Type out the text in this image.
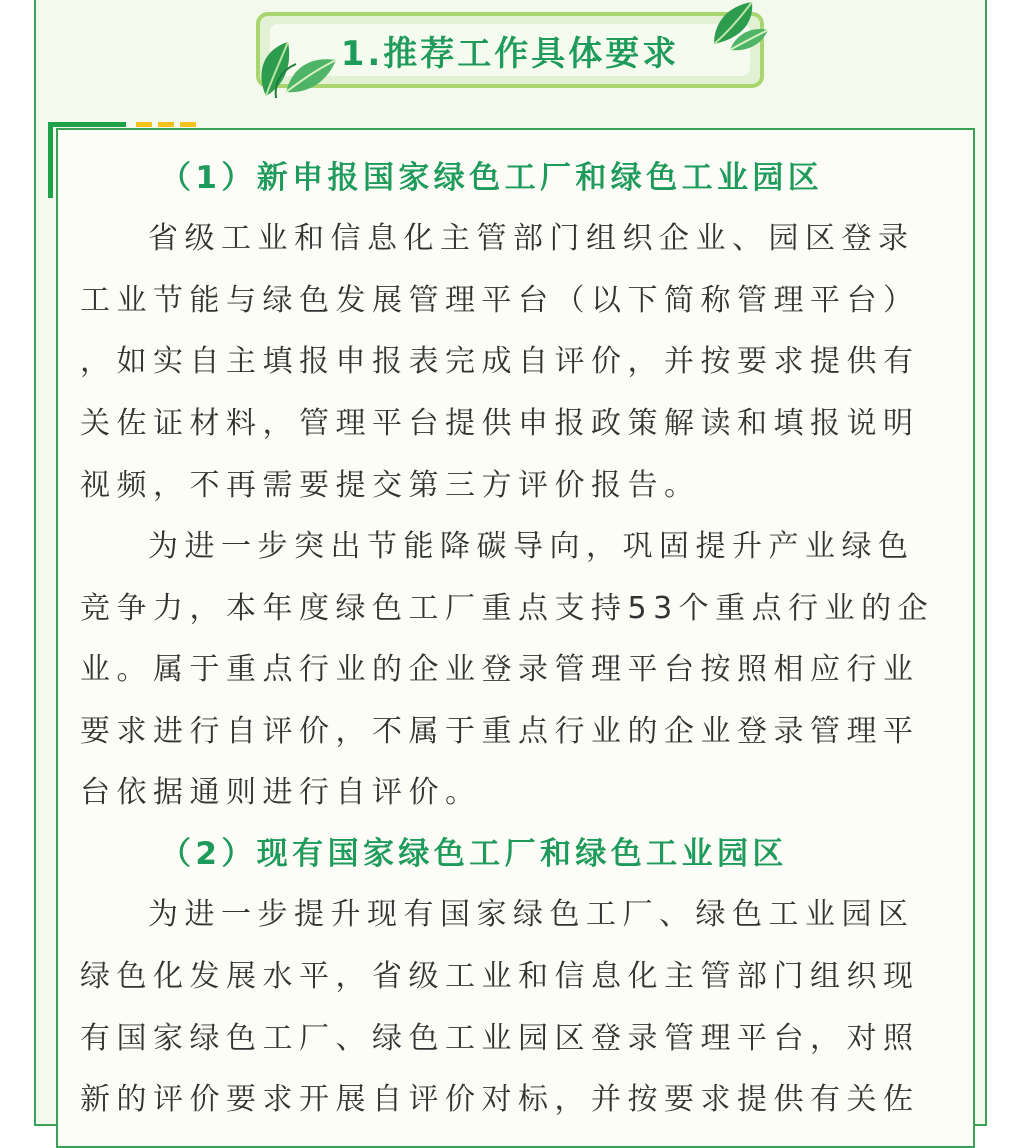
1.推荐工作具体要求
（1）新申报国家绿色工厂和绿色工业园区
省级工业和信息化主管部门组织企业、园区登录
工业节能与绿色发展管理平台（以下简称管理平台）
，如实自主填报申报表完成自评价，并按要求提供有
关佐证材料，管理平台提供申报政策解读和填报说明
视频，不再需要提交第三方评价报告。
为进一步突出节能降碳导向，巩固提升产业绿色
竞争力，本年度绿色工厂重点支持53个重点行业的企
业。属于重点行业的企业登录管理平台按照相应行业
要求进行自评价，不属于重点行业的企业登录管理平
台依据通则进行自评价。
（2）现有国家绿色工厂和绿色工业园区
为进一步提升现有国家绿色工厂、绿色工业园区
绿色化发展水平，省级工业和信息化主管部门组织现
有国家绿色工厂、绿色工业园区登录管理平台，对照
新的评价要求开展自评价对标，并按要求提供有关佐
